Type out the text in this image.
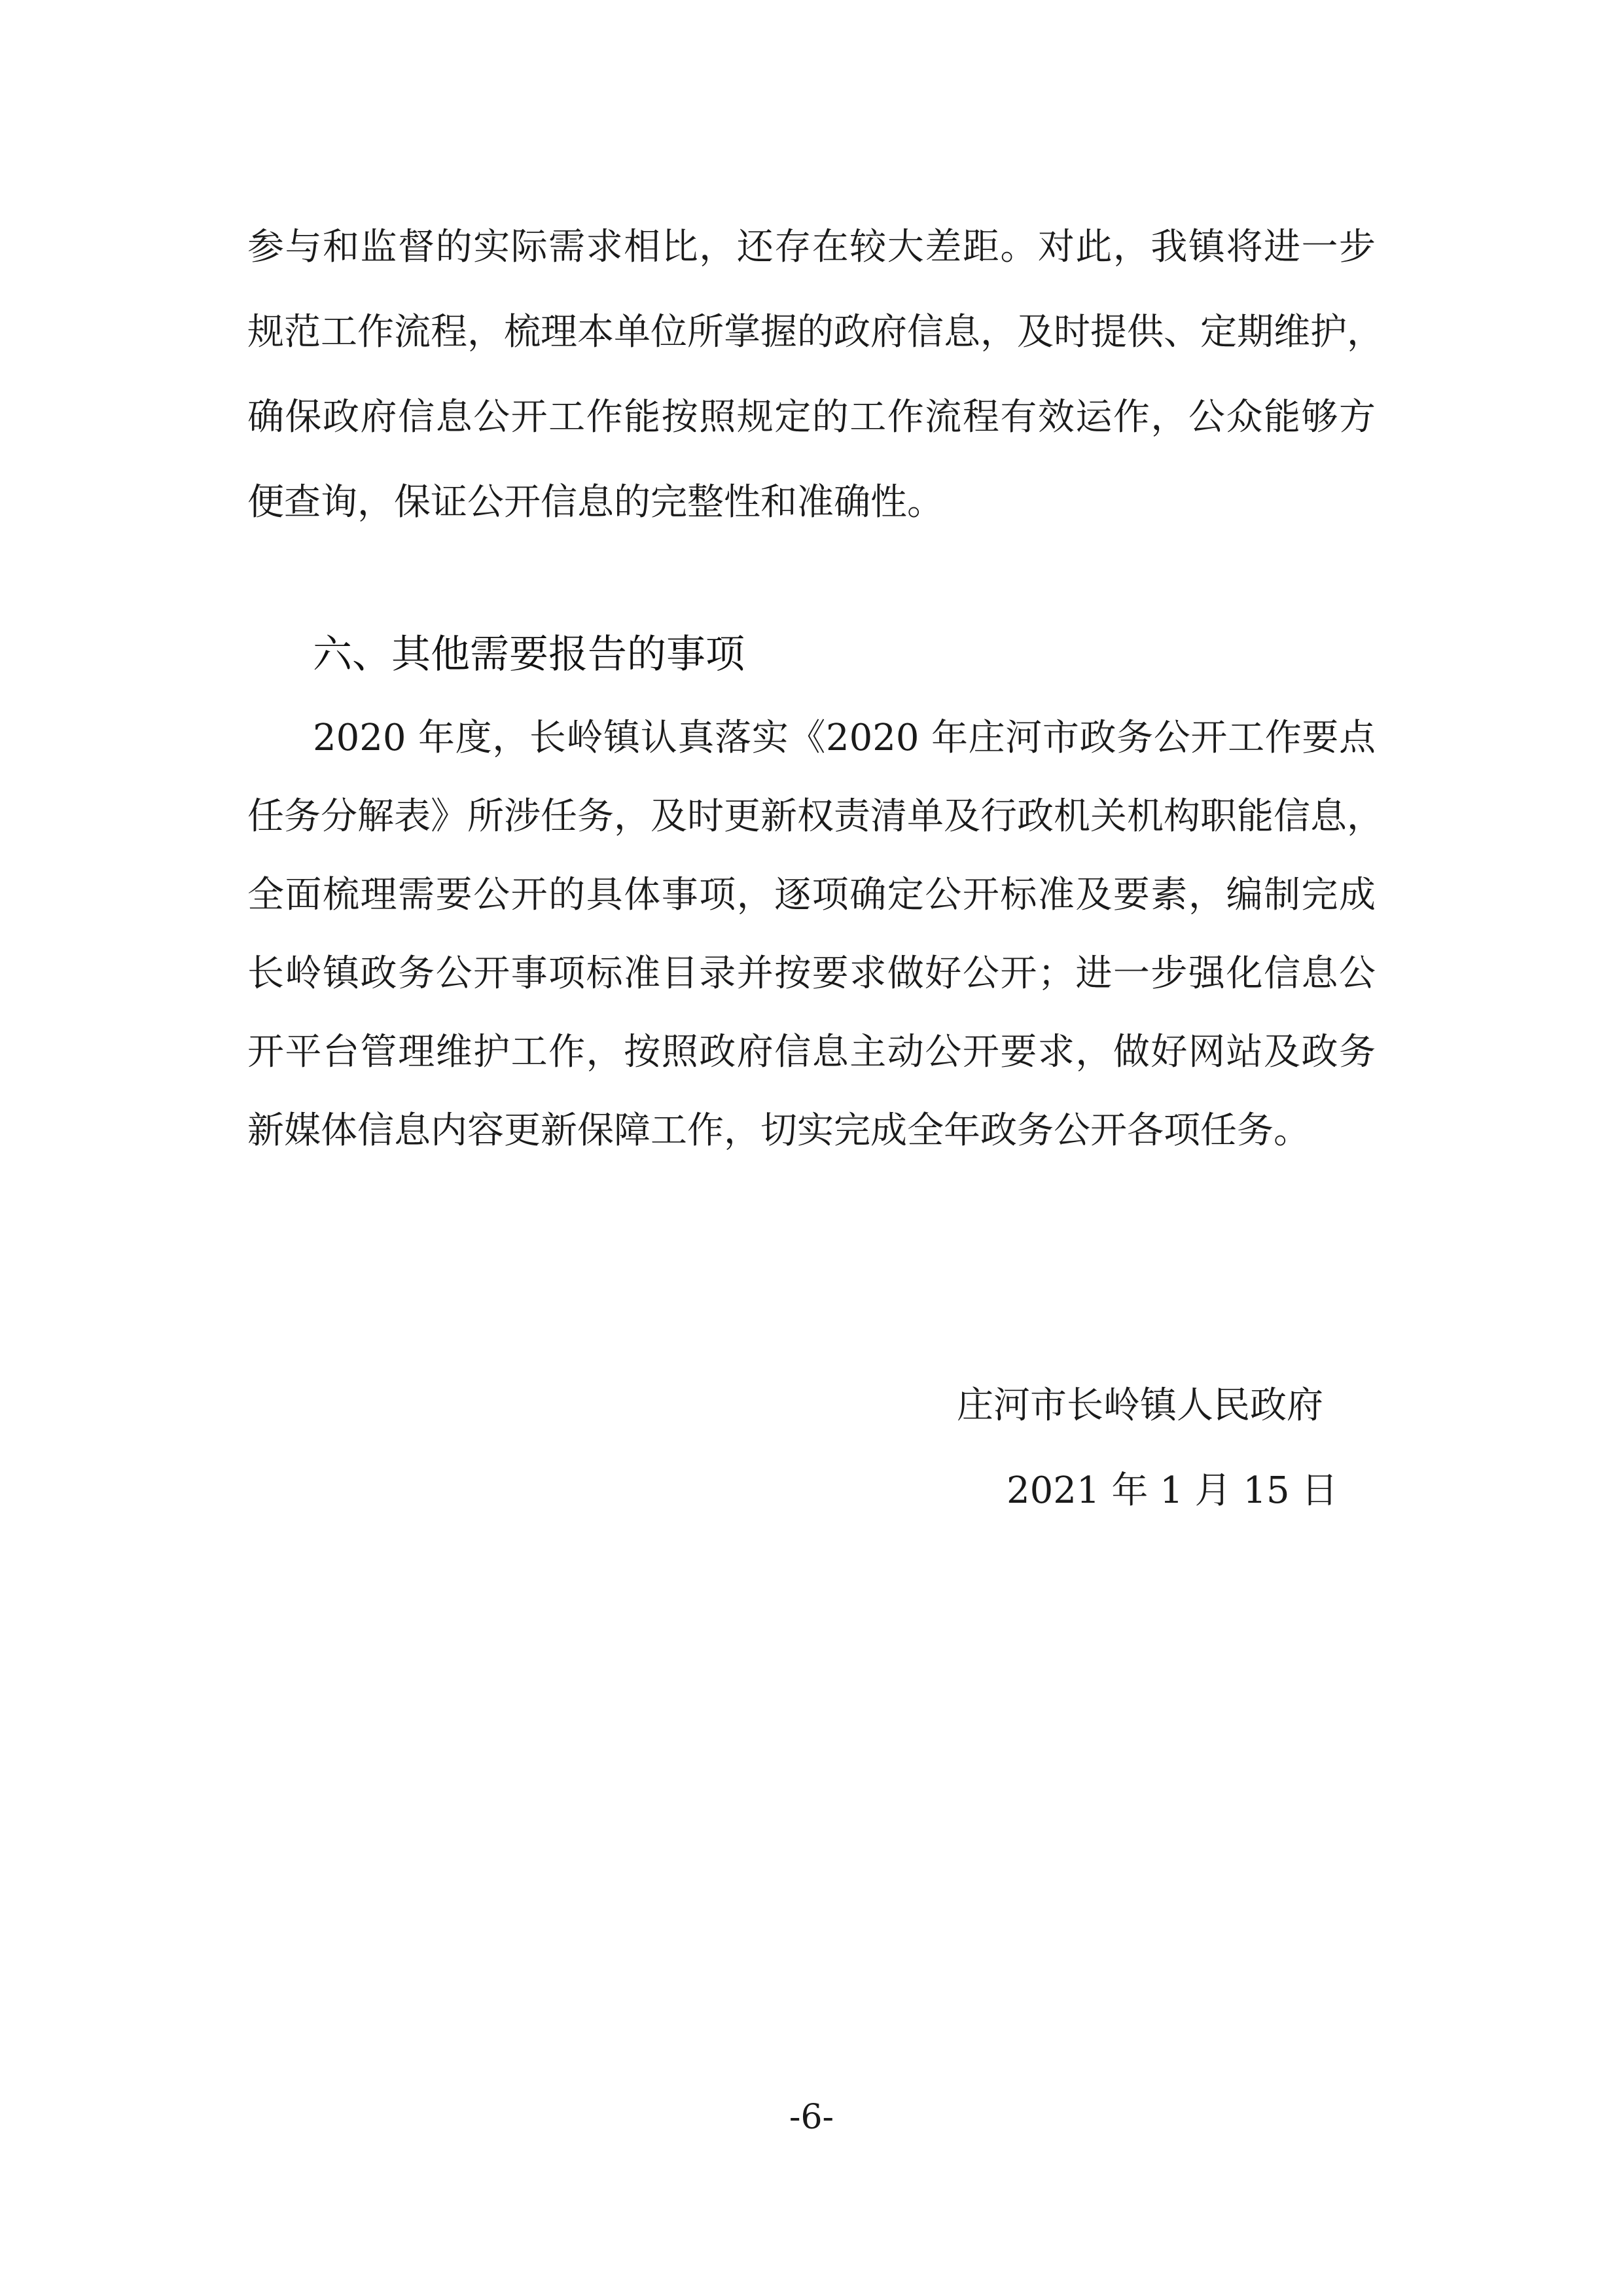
参与和监督的实际需求相比，还存在较大差距。对此，我镇将进一步
规范工作流程，梳理本单位所掌握的政府信息，及时提供、定期维护，
确保政府信息公开工作能按照规定的工作流程有效运作，公众能够方
便查询，保证公开信息的完整性和准确性。
六、其他需要报告的事项
2020 年度，长岭镇认真落实《2020 年庄河市政务公开工作要点
任务分解表》所涉任务，及时更新权责清单及行政机关机构职能信息，
全面梳理需要公开的具体事项，逐项确定公开标准及要素，编制完成
长岭镇政务公开事项标准目录并按要求做好公开；进一步强化信息公
开平台管理维护工作，按照政府信息主动公开要求，做好网站及政务
新媒体信息内容更新保障工作，切实完成全年政务公开各项任务。
庄河市长岭镇人民政府
2021 年 1 月 15 日
-6-
